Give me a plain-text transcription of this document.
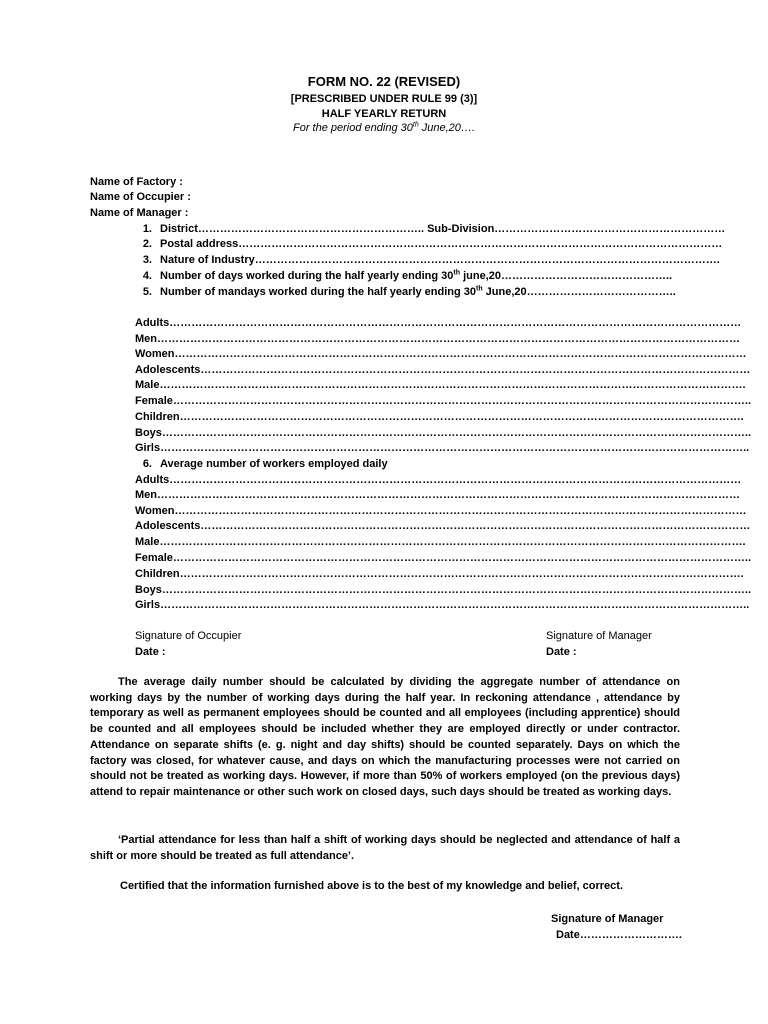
FORM NO. 22 (REVISED)
[PRESCRIBED UNDER RULE 99 (3)]
HALF YEARLY RETURN
For the period ending 30th June,20….
Name of Factory :
Name of Occupier :
Name of Manager :
1. District…………………………………………………….. Sub-Division………………………………………………………
2. Postal address……………………………………………………………………………………………………………………
3. Nature of Industry……………………………………………………………………………………………………………….
4. Number of days worked during the half yearly ending 30th june,20………………………………………..
5. Number of mandays worked during the half yearly ending 30th June,20…………………………………..
Adults…………………………………………………………………………………………………………………………………………
Men……………………………………………………………………………………………………………………………………………
Women…………………………………………………………………………………………………………………………………………
Adolescents……………………………………………………………………………………………………………………………………
Male…………………………………………………………………………………………………………………………………………….
Female…………………………………………………………………………………………………………………………………………..
Children……………………………………………………………………………………………………………………………………….
Boys……………………………………………………………………………………………………………………………………………..
Girls……………………………………………………………………………………………………………………………………………..
6. Average number of workers employed daily
Adults…………………………………………………………………………………………………………………………………………
Men……………………………………………………………………………………………………………………………………………
Women…………………………………………………………………………………………………………………………………………
Adolescents……………………………………………………………………………………………………………………………………
Male…………………………………………………………………………………………………………………………………………….
Female…………………………………………………………………………………………………………………………………………..
Children……………………………………………………………………………………………………………………………………….
Boys……………………………………………………………………………………………………………………………………………..
Girls……………………………………………………………………………………………………………………………………………..
Signature of Occupier
Date :
Signature of Manager
Date :
The average daily number should be calculated by dividing the aggregate number of attendance on working days by the number of working days during the half year. In reckoning attendance , attendance by temporary as well as permanent employees should be counted and all employees (including apprentice) should be counted and all employees should be included whether they are employed directly or under contractor. Attendance on separate shifts (e. g. night and day shifts) should be counted separately. Days on which the factory was closed, for whatever cause, and days on which the manufacturing processes were not carried on should not be treated as working days. However, if more than 50% of workers employed (on the previous days) attend to repair maintenance or other such work on closed days, such days should be treated as working days.
‘Partial attendance for less than half a shift of working days should be neglected and attendance of half a shift or more should be treated as full attendance’.
Certified that the information furnished above is to the best of my knowledge and belief, correct.
Signature of Manager
Date……………………….
